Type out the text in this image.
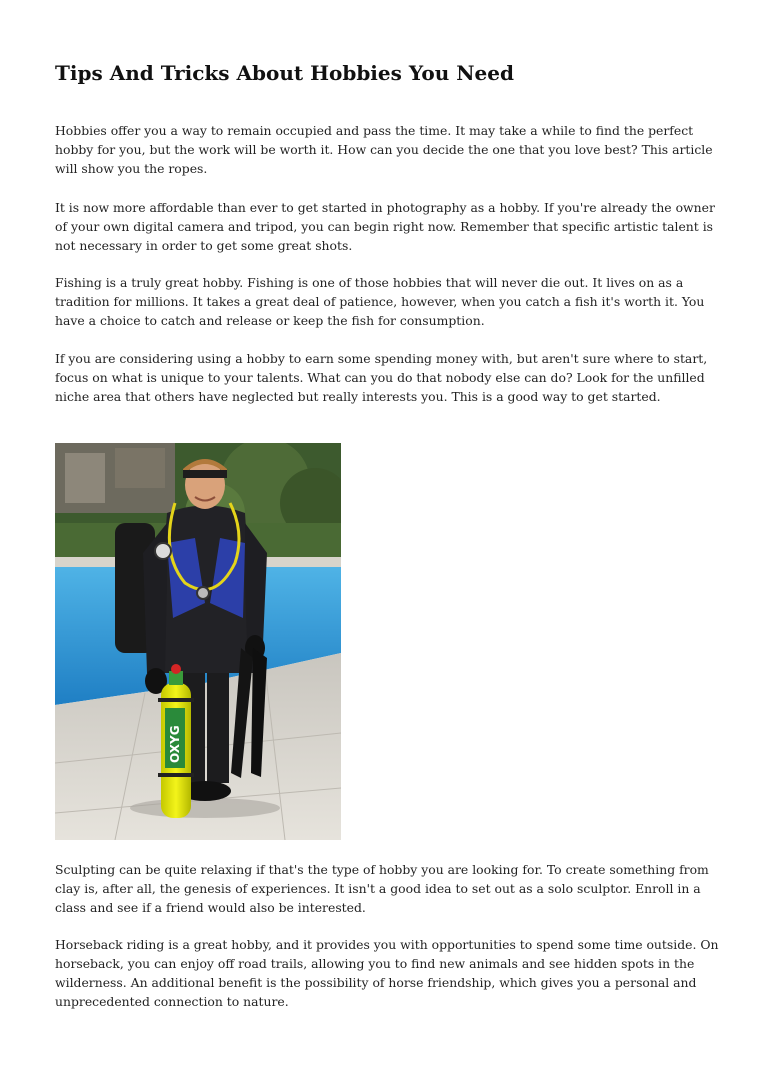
Tips And Tricks About Hobbies You Need

Hobbies offer you a way to remain occupied and pass the time. It may take a while to find the perfect hobby for you, but the work will be worth it. How can you decide the one that you love best? This article will show you the ropes.

It is now more affordable than ever to get started in photography as a hobby. If you're already the owner of your own digital camera and tripod, you can begin right now. Remember that specific artistic talent is not necessary in order to get some great shots.

Fishing is a truly great hobby. Fishing is one of those hobbies that will never die out. It lives on as a tradition for millions. It takes a great deal of patience, however, when you catch a fish it's worth it. You have a choice to catch and release or keep the fish for consumption.

If you are considering using a hobby to earn some spending money with, but aren't sure where to start, focus on what is unique to your talents. What can you do that nobody else can do? Look for the unfilled niche area that others have neglected but really interests you. This is a good way to get started.

OXYG

Sculpting can be quite relaxing if that's the type of hobby you are looking for. To create something from clay is, after all, the genesis of experiences. It isn't a good idea to set out as a solo sculptor. Enroll in a class and see if a friend would also be interested.

Horseback riding is a great hobby, and it provides you with opportunities to spend some time outside. On horseback, you can enjoy off road trails, allowing you to find new animals and see hidden spots in the wilderness. An additional benefit is the possibility of horse friendship, which gives you a personal and unprecedented connection to nature.
